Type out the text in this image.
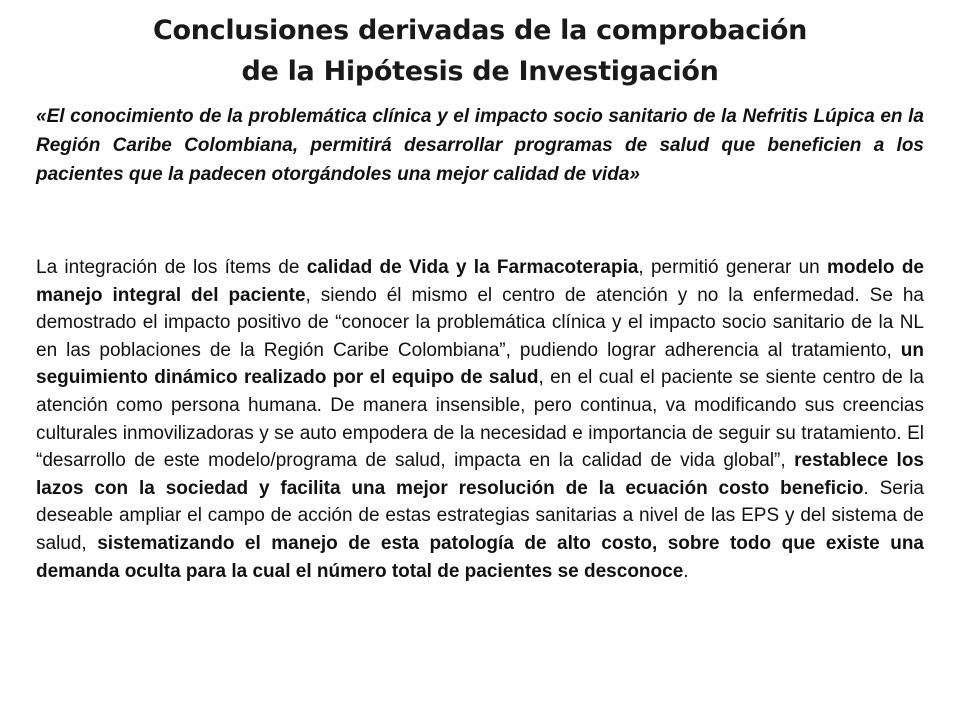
Conclusiones derivadas de la comprobación
de la Hipótesis de Investigación

«El conocimiento de la problemática clínica y el impacto socio sanitario de la Nefritis Lúpica en la Región Caribe Colombiana, permitirá desarrollar programas de salud que beneficien a los pacientes que la padecen otorgándoles una mejor calidad de vida»

La integración de los ítems de calidad de Vida y la Farmacoterapia, permitió generar un modelo de manejo integral del paciente, siendo él mismo el centro de atención y no la enfermedad. Se ha demostrado el impacto positivo de “conocer la problemática clínica y el impacto socio sanitario de la NL en las poblaciones de la Región Caribe Colombiana”, pudiendo lograr adherencia al tratamiento, un seguimiento dinámico realizado por el equipo de salud, en el cual el paciente se siente centro de la atención como persona humana. De manera insensible, pero continua, va modificando sus creencias culturales inmovilizadoras y se auto empodera de la necesidad e importancia de seguir su tratamiento. El “desarrollo de este modelo/programa de salud, impacta en la calidad de vida global”, restablece los lazos con la sociedad y facilita una mejor resolución de la ecuación costo beneficio. Seria deseable ampliar el campo de acción de estas estrategias sanitarias a nivel de las EPS y del sistema de salud, sistematizando el manejo de esta patología de alto costo, sobre todo que existe una demanda oculta para la cual el número total de pacientes se desconoce.
